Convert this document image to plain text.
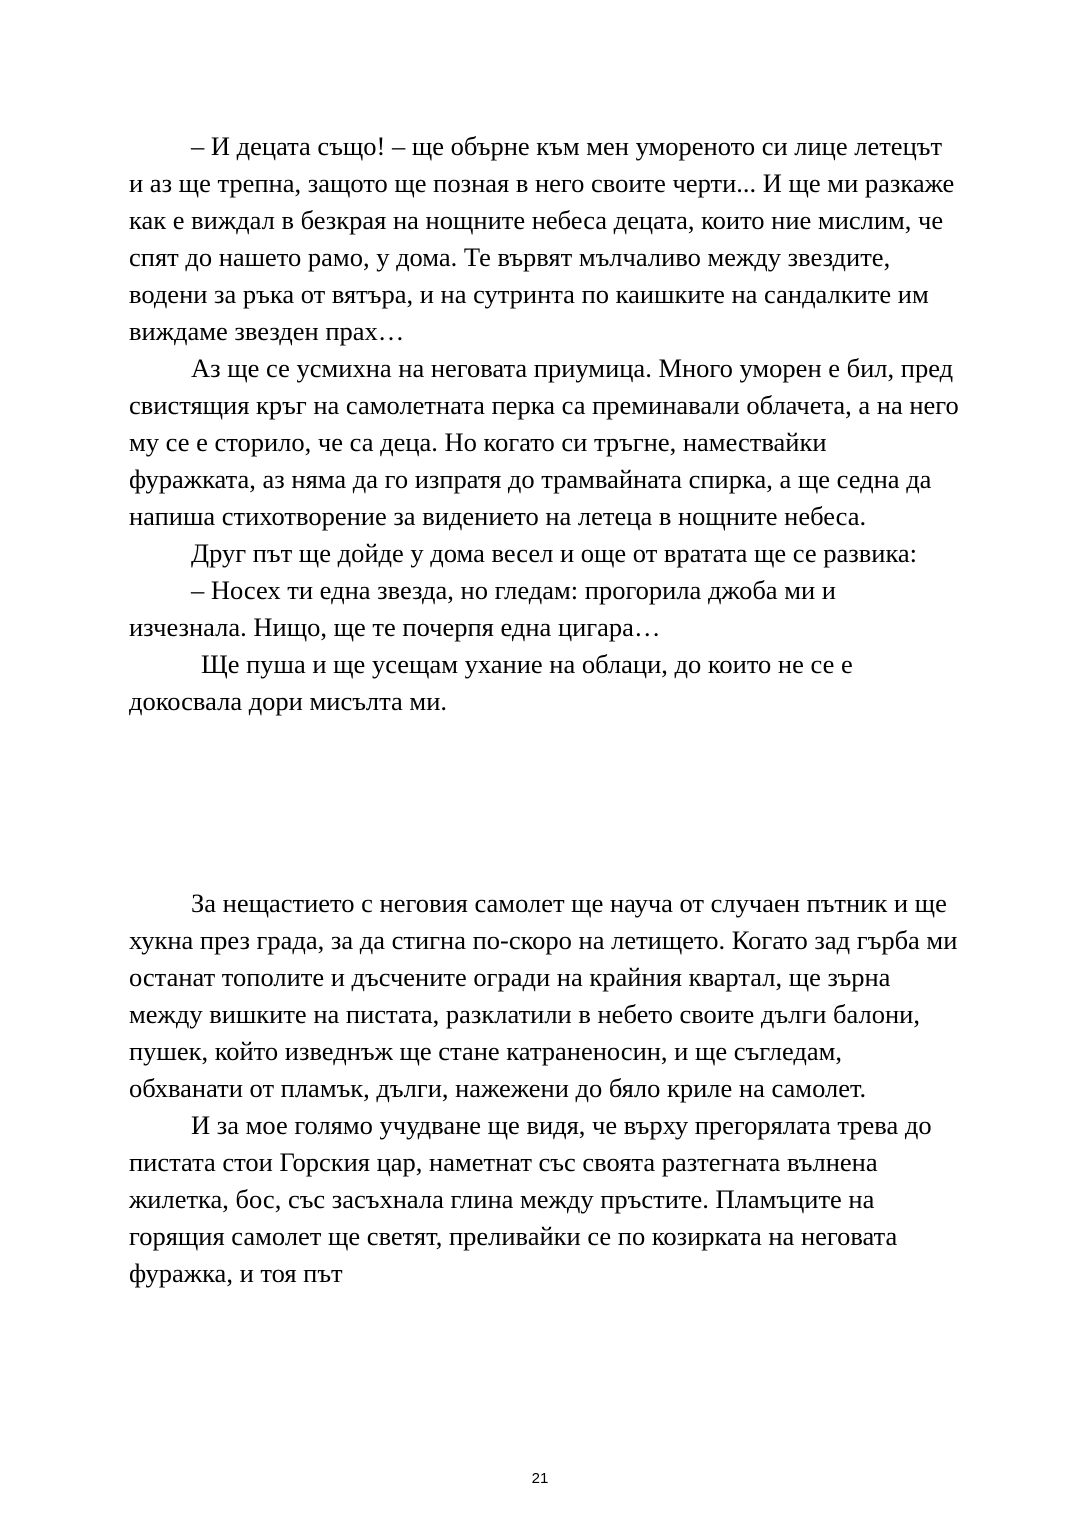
– И децата също! – ще обърне към мен умореното си лице летецът и аз ще трепна, защото ще позная в него своите черти... И ще ми разкаже как е виждал в безкрая на нощните небеса децата, които ние мислим, че спят до нашето рамо, у дома. Те вървят мълчаливо между звездите, водени за ръка от вятъра, и на сутринта по каишките на сандалките им виждаме звезден прах…

Аз ще се усмихна на неговата приумица. Много уморен е бил, пред свистящия кръг на самолетната перка са преминавали облачета, а на него му се е сторило, че са деца. Но когато си тръгне, намествайки фуражката, аз няма да го изпратя до трамвайната спирка, а ще седна да напиша стихотворение за видението на летеца в нощните небеса.

Друг път ще дойде у дома весел и още от вратата ще се развика:

– Носех ти една звезда, но гледам: прогорила джоба ми и изчезнала. Нищо, ще те почерпя една цигара…

Ще пуша и ще усещам ухание на облаци, до които не се е докосвала дори мисълта ми.

За нещастието с неговия самолет ще науча от случаен пътник и ще хукна през града, за да стигна по-скоро на летището. Когато зад гърба ми останат тополите и дъсчените огради на крайния квартал, ще зърна между вишките на пистата, разклатили в небето своите дълги балони, пушек, който изведнъж ще стане катраненосин, и ще съгледам, обхванати от пламък, дълги, нажежени до бяло криле на самолет.

И за мое голямо учудване ще видя, че върху прегорялата трева до пистата стои Горския цар, наметнат със своята разтегната вълнена жилетка, бос, със засъхнала глина между пръстите. Пламъците на горящия самолет ще светят, преливайки се по козирката на неговата фуражка, и тоя път

21
